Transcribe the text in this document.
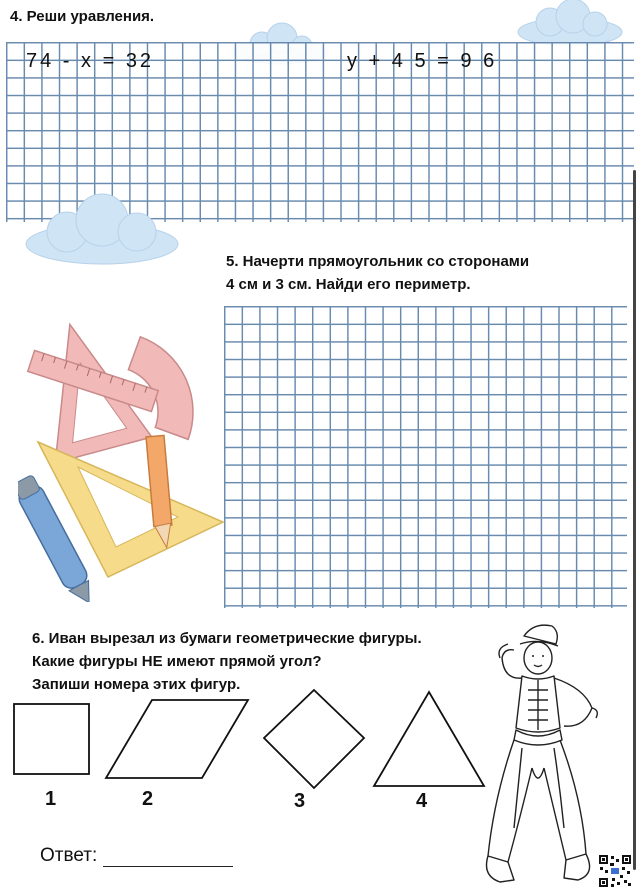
4. Реши уравления.
74 - x = 32	y + 4 5 = 9 6
5. Начерти прямоугольник со сторонами
4 см и 3 см. Найди его периметр.
6. Иван вырезал из бумаги геометрические фигуры.
Какие фигуры НЕ имеют прямой угол?
Запиши номера этих фигур.
1	2	3	4
Ответ:
